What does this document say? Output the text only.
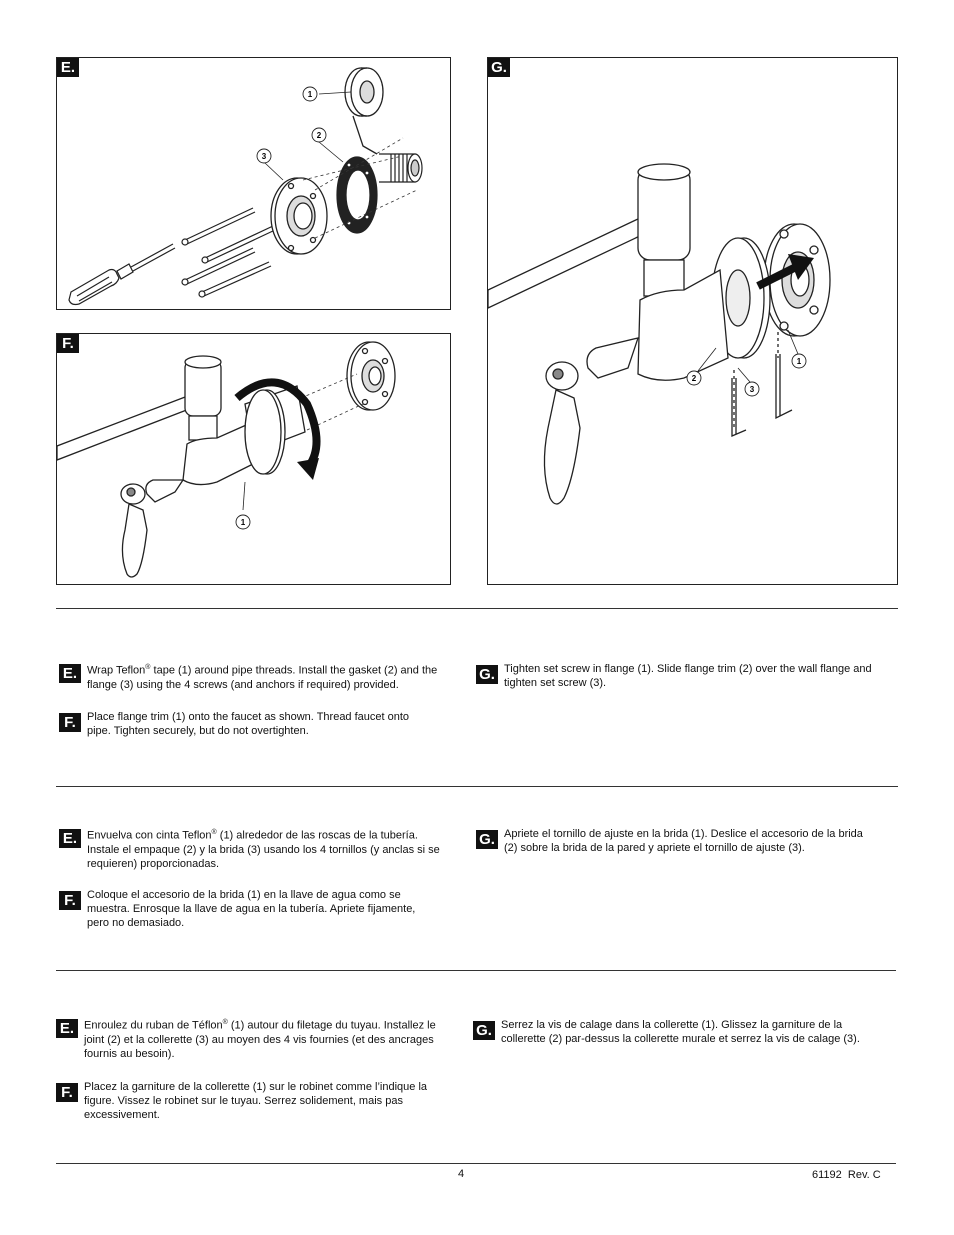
1
2
3
E.
1
F.
1
2
3
G.
E. Wrap Teflon® tape (1) around pipe threads. Install the gasket (2) and the flange (3) using the 4 screws (and anchors if required) provided.
F.	Place flange trim (1) onto the faucet as shown. Thread faucet onto pipe. Tighten securely, but do not overtighten.
G. Tighten set screw in flange (1). Slide flange trim (2) over the wall flange and tighten set screw (3).
E. Envuelva con cinta Teflon® (1) alrededor de las roscas de la tubería. Instale el empaque (2) y la brida (3) usando los 4 tornillos (y anclas si se requieren) proporcionadas.
F.	Coloque el accesorio de la brida (1) en la llave de agua como se muestra. Enrosque la llave de agua en la tubería. Apriete fijamente, pero no demasiado.
G. Apriete el tornillo de ajuste en la brida (1). Deslice el accesorio de la brida (2) sobre la brida de la pared y apriete el tornillo de ajuste (3).
E. Enroulez du ruban de Téflon® (1) autour du filetage du tuyau. Installez le joint (2) et la collerette (3) au moyen des 4 vis fournies (et des ancrages fournis au besoin).
F.	Placez la garniture de la collerette (1) sur le robinet comme l’indique la figure. Vissez le robinet sur le tuyau. Serrez solidement, mais pas excessivement.
G. Serrez la vis de calage dans la collerette (1). Glissez la garniture de la collerette (2) par-dessus la collerette murale et serrez la vis de calage (3).
4	61192  Rev. C
